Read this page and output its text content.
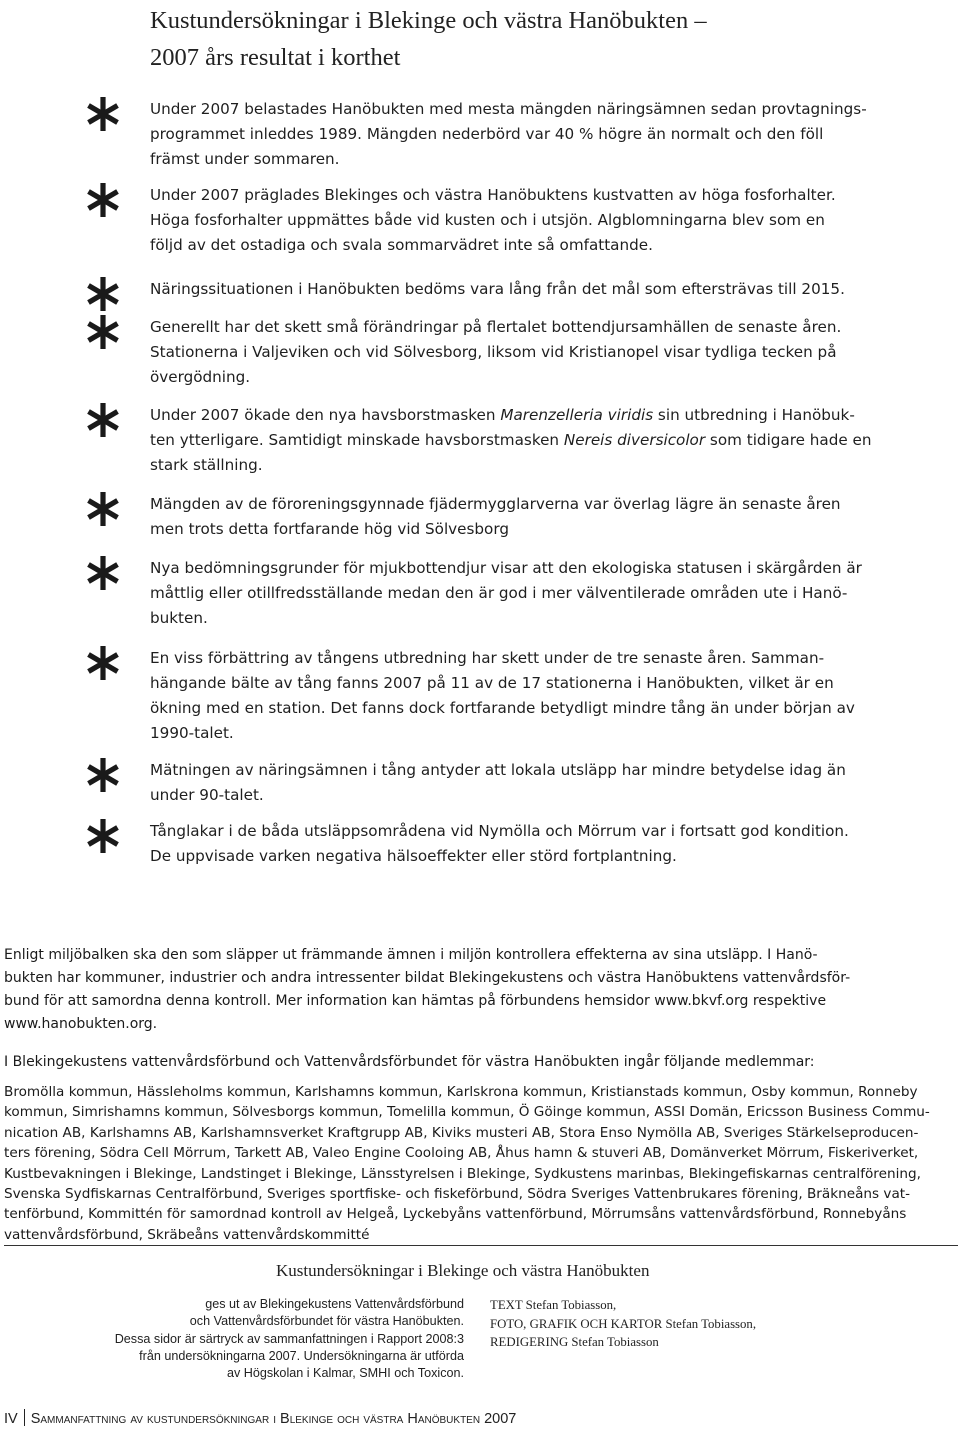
Kustundersökningar i Blekinge och västra Hanöbukten –
2007 års resultat i korthet
Under 2007 belastades Hanöbukten med mesta mängden näringsämnen sedan provtagnings-
programmet inleddes 1989. Mängden nederbörd var 40 % högre än normalt och den föll
främst under sommaren.
Under 2007 präglades Blekinges och västra Hanöbuktens kustvatten av höga fosforhalter.
Höga fosforhalter uppmättes både vid kusten och i utsjön. Algblomningarna blev som en
följd av det ostadiga och svala sommarvädret inte så omfattande.
Näringssituationen i Hanöbukten bedöms vara lång från det mål som eftersträvas till 2015.
Generellt har det skett små förändringar på flertalet bottendjursamhällen de senaste åren.
Stationerna i Valjeviken och vid Sölvesborg, liksom vid Kristianopel visar tydliga tecken på
övergödning.
Under 2007 ökade den nya havsborstmasken Marenzelleria viridis sin utbredning i Hanöbuk-
ten ytterligare. Samtidigt minskade havsborstmasken Nereis diversicolor som tidigare hade en
stark ställning.
Mängden av de föroreningsgynnade fjädermygglarverna var överlag lägre än senaste åren
men trots detta fortfarande hög vid Sölvesborg
Nya bedömningsgrunder för mjukbottendjur visar att den ekologiska statusen i skärgården är
måttlig eller otillfredsställande medan den är god i mer välventilerade områden ute i Hanö-
bukten.
En viss förbättring av tångens utbredning har skett under de tre senaste åren. Samman-
hängande bälte av tång fanns 2007 på 11 av de 17 stationerna i Hanöbukten, vilket är en
ökning med en station. Det fanns dock fortfarande betydligt mindre tång än under början av
1990-talet.
Mätningen av näringsämnen i tång antyder att lokala utsläpp har mindre betydelse idag än
under 90-talet.
Tånglakar i de båda utsläppsområdena vid Nymölla och Mörrum var i fortsatt god kondition.
De uppvisade varken negativa hälsoeffekter eller störd fortplantning.
Enligt miljöbalken ska den som släpper ut främmande ämnen i miljön kontrollera effekterna av sina utsläpp. I Hanö-
bukten har kommuner, industrier och andra intressenter bildat Blekingekustens och västra Hanöbuktens vattenvårdsför-
bund för att samordna denna kontroll. Mer information kan hämtas på förbundens hemsidor www.bkvf.org respektive
www.hanobukten.org.
I Blekingekustens vattenvårdsförbund och Vattenvårdsförbundet för västra Hanöbukten ingår följande medlemmar:
Bromölla kommun, Hässleholms kommun, Karlshamns kommun, Karlskrona kommun, Kristianstads kommun, Osby kommun, Ronneby
kommun, Simrishamns kommun, Sölvesborgs kommun, Tomelilla kommun, Ö Göinge kommun, ASSI Domän, Ericsson Business Commu-
nication AB, Karlshamns AB, Karlshamnsverket Kraftgrupp AB, Kiviks musteri AB, Stora Enso Nymölla AB, Sveriges Stärkelseproducen-
ters förening, Södra Cell Mörrum, Tarkett AB, Valeo Engine Cooloing AB, Åhus hamn & stuveri AB, Domänverket Mörrum, Fiskeriverket,
Kustbevakningen i Blekinge, Landstinget i Blekinge, Länsstyrelsen i Blekinge, Sydkustens marinbas, Blekingefiskarnas centralförening,
Svenska Sydfiskarnas Centralförbund, Sveriges sportfiske- och fiskeförbund, Södra Sveriges Vattenbrukares förening, Bräkneåns vat-
tenförbund, Kommittén för samordnad kontroll av Helgeå, Lyckebyåns vattenförbund, Mörrumsåns vattenvårdsförbund, Ronnebyåns
vattenvårdsförbund, Skräbeåns vattenvårdskommitté
Kustundersökningar i Blekinge och västra Hanöbukten
ges ut av Blekingekustens Vattenvårdsförbund
och Vattenvårdsförbundet för västra Hanöbukten.
Dessa sidor är särtryck av sammanfattningen i Rapport 2008:3
från undersökningarna 2007. Undersökningarna är utförda
av Högskolan i Kalmar, SMHI och Toxicon.
TEXT Stefan Tobiasson,
FOTO, GRAFIK OCH KARTOR Stefan Tobiasson,
REDIGERING Stefan Tobiasson
IV Sammanfattning av kustundersökningar i Blekinge och västra Hanöbukten 2007
